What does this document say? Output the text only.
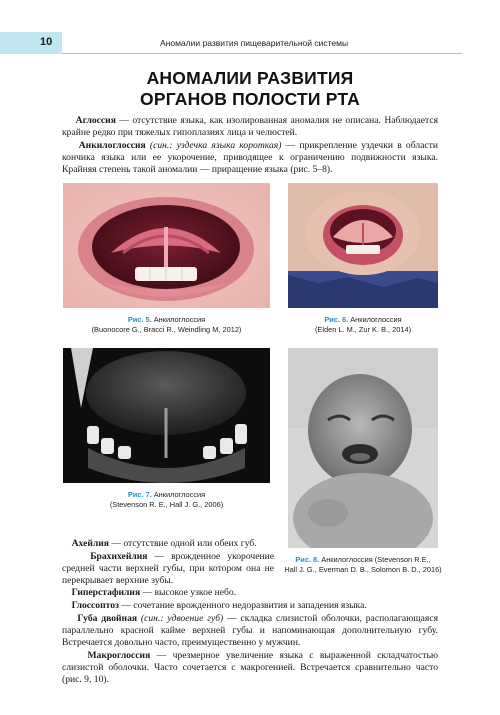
10	Аномалии развития пищеварительной системы
АНОМАЛИИ РАЗВИТИЯ
ОРГАНОВ ПОЛОСТИ РТА
Аглоссия — отсутствие языка, как изолированная аномалия не описана. Наблюдается крайне редко при тяжелых гипоплазиях лица и челюстей.
Анкилоглоссия (син.: уздечка языка короткая) — прикрепление уздечки в области кончика языка или ее укорочение, приводящее к ограничению подвижности языка. Крайняя степень такой аномалии — приращение языка (рис. 5–8).
Рис. 5. Анкилоглоссия
(Buonocore G., Bracci R., Weindling M, 2012)
Рис. 6. Анкилоглоссия
(Elden L. M., Zur K. B., 2014)
Рис. 7. Анкилоглоссия
(Stevenson R. E., Hall J. G., 2006)
Рис. 8. Анкилоглоссия (Stevenson R.E.,
Hall J. G., Everman D. B., Solomon B. D., 2016)
Ахейлия — отсутствие одной или обеих губ.
Брахихейлия — врожденное укорочение средней части верхней губы, при котором она не перекрывает верхние зубы.
Гиперстафилия — высокое узкое небо.
Глоссоптоз — сочетание врожденного недоразвития и западения языка.
Губа двойная (син.: удвоение губ) — складка слизистой оболочки, располагающаяся параллельно красной кайме верхней губы и напоминающая дополнительную губу. Встречается довольно часто, преимущественно у мужчин.
Макроглоссия — чрезмерное увеличение языка с выраженной складчатостью слизистой оболочки. Часто сочетается с макрогенией. Встречается сравнительно часто (рис. 9, 10).
